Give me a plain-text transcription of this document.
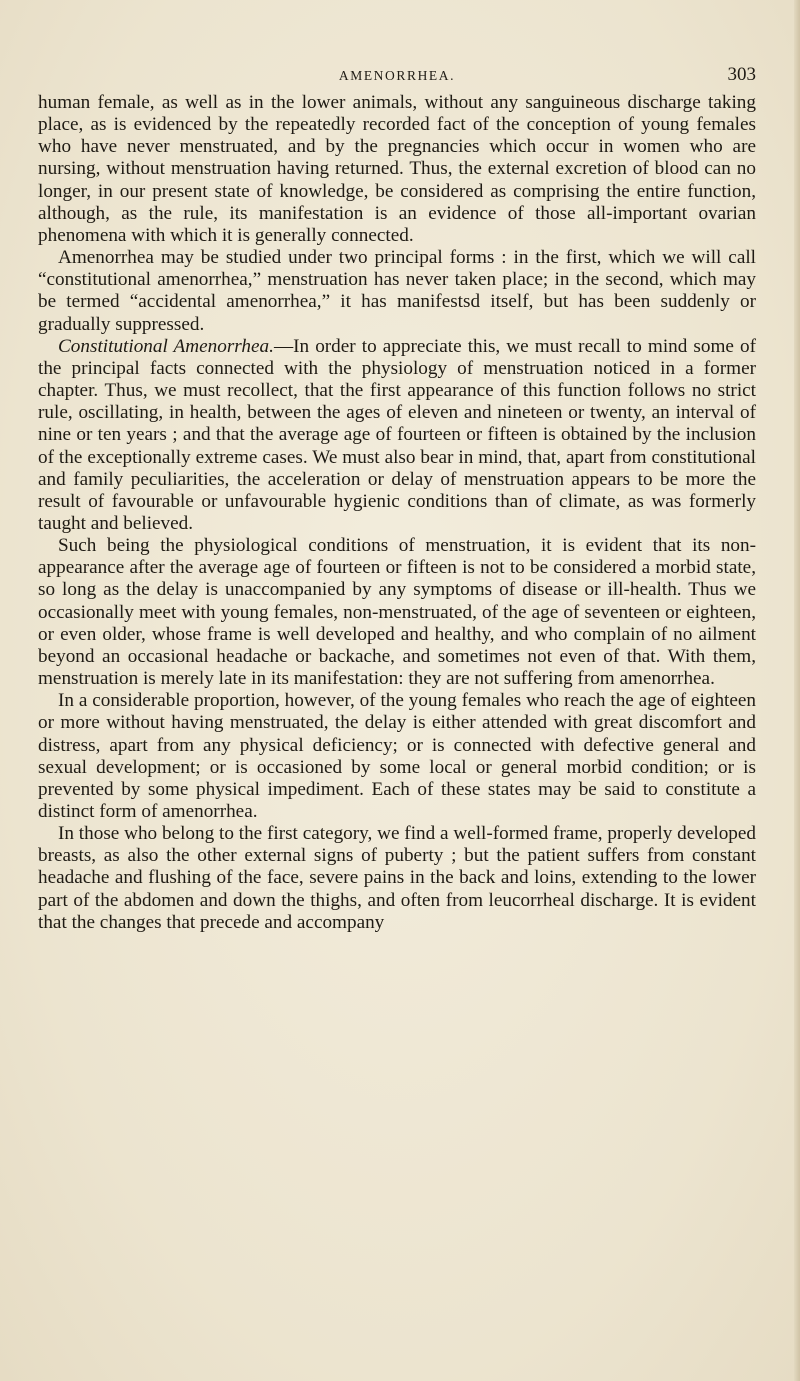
AMENORRHEA.	303

human female, as well as in the lower animals, without any sanguineous discharge taking place, as is evidenced by the repeatedly recorded fact of the conception of young females who have never menstruated, and by the pregnancies which occur in women who are nursing, without menstruation having returned. Thus, the external excretion of blood can no longer, in our present state of knowledge, be considered as comprising the entire function, although, as the rule, its manifestation is an evidence of those all-important ovarian phenomena with which it is generally connected.

Amenorrhea may be studied under two principal forms : in the first, which we will call “constitutional amenorrhea,” menstruation has never taken place; in the second, which may be termed “accidental amenorrhea,” it has manifestsd itself, but has been suddenly or gradually suppressed.

Constitutional Amenorrhea.—In order to appreciate this, we must recall to mind some of the principal facts connected with the physiology of menstruation noticed in a former chapter. Thus, we must recollect, that the first appearance of this function follows no strict rule, oscillating, in health, between the ages of eleven and nineteen or twenty, an interval of nine or ten years ; and that the average age of fourteen or fifteen is obtained by the inclusion of the exceptionally extreme cases. We must also bear in mind, that, apart from constitutional and family peculiarities, the acceleration or delay of menstruation appears to be more the result of favourable or unfavourable hygienic conditions than of climate, as was formerly taught and believed.

Such being the physiological conditions of menstruation, it is evident that its non-appearance after the average age of fourteen or fifteen is not to be considered a morbid state, so long as the delay is unaccompanied by any symptoms of disease or ill-health. Thus we occasionally meet with young females, non-menstruated, of the age of seventeen or eighteen, or even older, whose frame is well developed and healthy, and who complain of no ailment beyond an occasional headache or backache, and sometimes not even of that. With them, menstruation is merely late in its manifestation: they are not suffering from amenorrhea.

In a considerable proportion, however, of the young females who reach the age of eighteen or more without having menstruated, the delay is either attended with great discomfort and distress, apart from any physical deficiency; or is connected with defective general and sexual development; or is occasioned by some local or general morbid condition; or is prevented by some physical impediment. Each of these states may be said to constitute a distinct form of amenorrhea.

In those who belong to the first category, we find a well-formed frame, properly developed breasts, as also the other external signs of puberty ; but the patient suffers from constant headache and flushing of the face, severe pains in the back and loins, extending to the lower part of the abdomen and down the thighs, and often from leucorrheal discharge. It is evident that the changes that precede and accompany
